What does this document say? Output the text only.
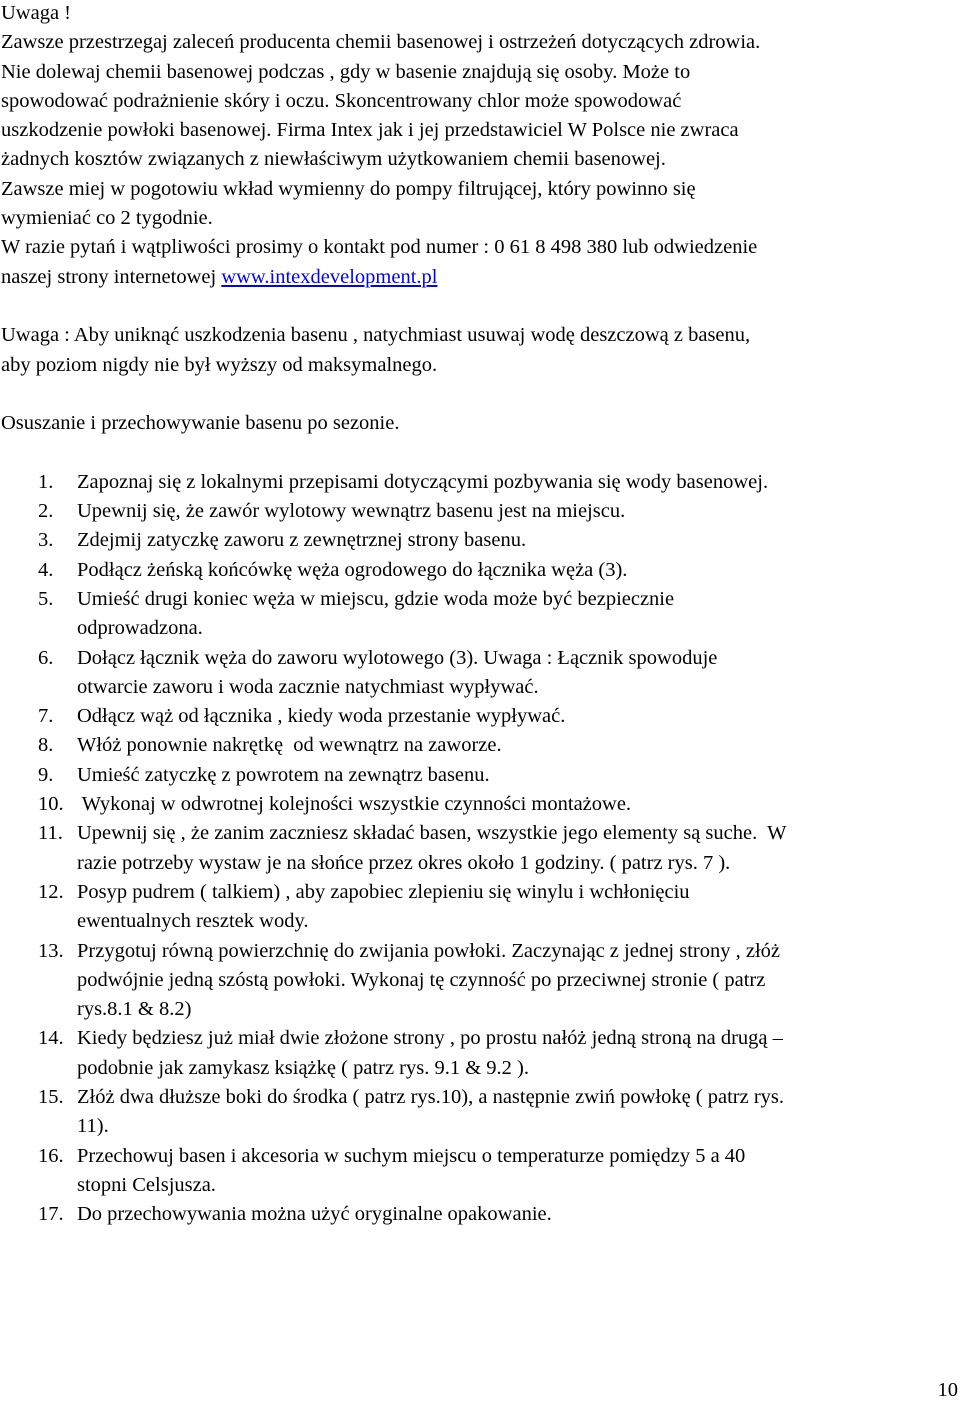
Uwaga !

Zawsze przestrzegaj zaleceń producenta chemii basenowej i ostrzeżeń dotyczących zdrowia.

Nie dolewaj chemii basenowej podczas , gdy w basenie znajdują się osoby. Może to

spowodować podrażnienie skóry i oczu. Skoncentrowany chlor może spowodować

uszkodzenie powłoki basenowej. Firma Intex jak i jej przedstawiciel W Polsce nie zwraca

żadnych kosztów związanych z niewłaściwym użytkowaniem chemii basenowej.

Zawsze miej w pogotowiu wkład wymienny do pompy filtrującej, który powinno się

wymieniać co 2 tygodnie.

W razie pytań i wątpliwości prosimy o kontakt pod numer : 0 61 8 498 380 lub odwiedzenie

naszej strony internetowej www.intexdevelopment.pl

Uwaga : Aby uniknąć uszkodzenia basenu , natychmiast usuwaj wodę deszczową z basenu,

aby poziom nigdy nie był wyższy od maksymalnego.

Osuszanie i przechowywanie basenu po sezonie.

1. Zapoznaj się z lokalnymi przepisami dotyczącymi pozbywania się wody basenowej.
2. Upewnij się, że zawór wylotowy wewnątrz basenu jest na miejscu.
3. Zdejmij zatyczkę zaworu z zewnętrznej strony basenu.
4. Podłącz żeńską końcówkę węża ogrodowego do łącznika węża (3).
5. Umieść drugi koniec węża w miejscu, gdzie woda może być bezpiecznie
odprowadzona.
6. Dołącz łącznik węża do zaworu wylotowego (3). Uwaga : Łącznik spowoduje
otwarcie zaworu i woda zacznie natychmiast wypływać.
7. Odłącz wąż od łącznika , kiedy woda przestanie wypływać.
8. Włóż ponownie nakrętkę  od wewnątrz na zaworze.
9. Umieść zatyczkę z powrotem na zewnątrz basenu.
10. Wykonaj w odwrotnej kolejności wszystkie czynności montażowe.
11. Upewnij się , że zanim zaczniesz składać basen, wszystkie jego elementy są suche.  W
razie potrzeby wystaw je na słońce przez okres około 1 godziny. ( patrz rys. 7 ).
12. Posyp pudrem ( talkiem) , aby zapobiec zlepieniu się winylu i wchłonięciu
ewentualnych resztek wody.
13. Przygotuj równą powierzchnię do zwijania powłoki. Zaczynając z jednej strony , złóż
podwójnie jedną szóstą powłoki. Wykonaj tę czynność po przeciwnej stronie ( patrz
rys.8.1 & 8.2)
14. Kiedy będziesz już miał dwie złożone strony , po prostu nałóż jedną stroną na drugą –
podobnie jak zamykasz książkę ( patrz rys. 9.1 & 9.2 ).
15. Złóż dwa dłuższe boki do środka ( patrz rys.10), a następnie zwiń powłokę ( patrz rys.
11).
16. Przechowuj basen i akcesoria w suchym miejscu o temperaturze pomiędzy 5 a 40
stopni Celsjusza.
17. Do przechowywania można użyć oryginalne opakowanie.
10
